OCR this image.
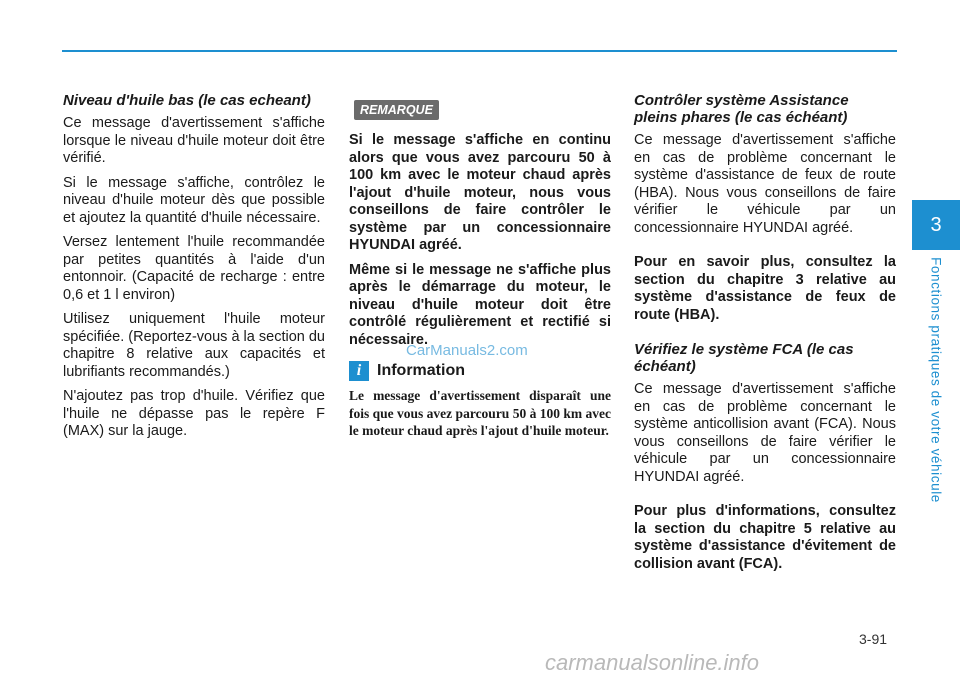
3
Fonctions pratiques de votre véhicule
Niveau d'huile bas (le cas echeant)

Ce message d'avertissement s'affiche lorsque le niveau d'huile moteur doit être vérifié.

Si le message s'affiche, contrôlez le niveau d'huile moteur dès que possible et ajoutez la quantité d'huile nécessaire.

Versez lentement l'huile recommandée par petites quantités à l'aide d'un entonnoir. (Capacité de recharge : entre 0,6 et 1 l environ)

Utilisez uniquement l'huile moteur spécifiée. (Reportez-vous à la section du chapitre 8 relative aux capacités et lubrifiants recommandés.)

N'ajoutez pas trop d'huile. Vérifiez que l'huile ne dépasse pas le repère F (MAX) sur la jauge.

REMARQUE

Si le message s'affiche en continu alors que vous avez parcouru 50 à 100 km avec le moteur chaud après l'ajout d'huile moteur, nous vous conseillons de faire contrôler le système par un concessionnaire HYUNDAI agréé.

Même si le message ne s'affiche plus après le démarrage du moteur, le niveau d'huile moteur doit être contrôlé régulièrement et rectifié si nécessaire.

i Information

Le message d'avertissement disparaît une fois que vous avez parcouru 50 à 100 km avec le moteur chaud après l'ajout d'huile moteur.

Contrôler système Assistance pleins phares (le cas échéant)

Ce message d'avertissement s'affiche en cas de problème concernant le système d'assistance de feux de route (HBA). Nous vous conseillons de faire vérifier le véhicule par un concessionnaire HYUNDAI agréé.

Pour en savoir plus, consultez la section du chapitre 3 relative au système d'assistance de feux de route (HBA).

Vérifiez le système FCA (le cas échéant)

Ce message d'avertissement s'affiche en cas de problème concernant le système anticollision avant (FCA). Nous vous conseillons de faire vérifier le véhicule par un concessionnaire HYUNDAI agréé.

Pour plus d'informations, consultez la section du chapitre 5 relative au système d'assistance d'évitement de collision avant (FCA).

CarManuals2.com
3-91
carmanualsonline.info
